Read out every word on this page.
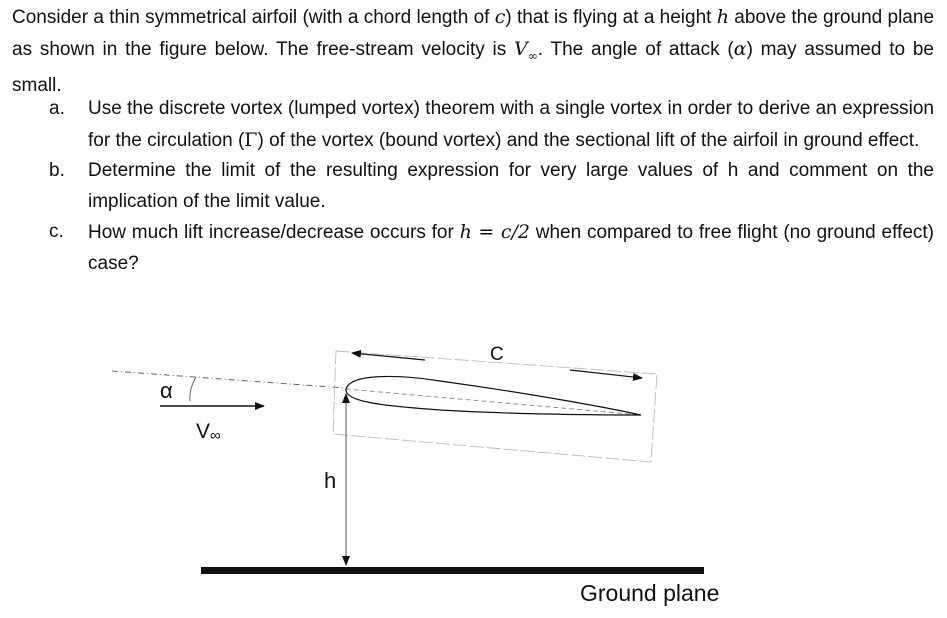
Consider a thin symmetrical airfoil (with a chord length of c) that is flying at a height h above the ground plane as shown in the figure below. The free-stream velocity is $V_\infty$. The angle of attack (α) may assumed to be small.

a. Use the discrete vortex (lumped vortex) theorem with a single vortex in order to derive an expression for the circulation (Γ) of the vortex (bound vortex) and the sectional lift of the airfoil in ground effect.
b. Determine the limit of the resulting expression for very large values of h and comment on the implication of the limit value.
c. How much lift increase/decrease occurs for h = c/2 when compared to free flight (no ground effect) case?
α
V∞
C
h
Ground plane
